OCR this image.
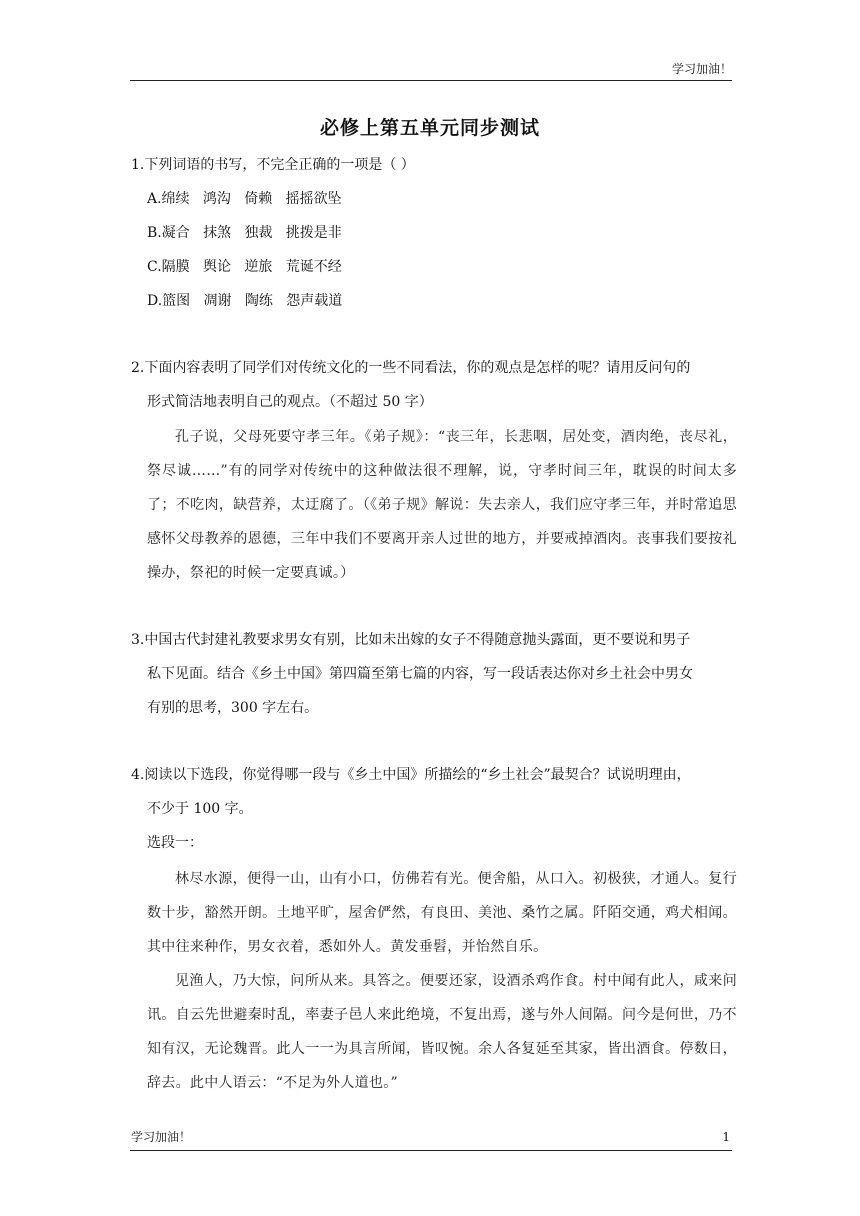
学习加油！
必修上第五单元同步测试
1.下列词语的书写，不完全正确的一项是（ ）
A.绵续   鸿沟   倚赖   摇摇欲坠
B.凝合   抹煞   独裁   挑拨是非
C.隔膜   舆论   逆旅   荒诞不经
D.篮图   凋谢   陶练   怨声载道
2.下面内容表明了同学们对传统文化的一些不同看法，你的观点是怎样的呢？请用反问句的
形式简洁地表明自己的观点。（不超过 50 字）

孔子说，父母死要守孝三年。《弟子规》：“丧三年，长悲咽，居处变，酒肉绝，丧尽礼，祭尽诚……”有的同学对传统中的这种做法很不理解，说，守孝时间三年，耽误的时间太多了；不吃肉，缺营养，太迂腐了。（《弟子规》解说：失去亲人，我们应守孝三年，并时常追思感怀父母教养的恩德，三年中我们不要离开亲人过世的地方，并要戒掉酒肉。丧事我们要按礼操办，祭祀的时候一定要真诚。）

3.中国古代封建礼教要求男女有别，比如未出嫁的女子不得随意抛头露面，更不要说和男子
私下见面。结合《乡土中国》第四篇至第七篇的内容，写一段话表达你对乡土社会中男女
有别的思考，300 字左右。
4.阅读以下选段，你觉得哪一段与《乡土中国》所描绘的“乡土社会”最契合？试说明理由，
不少于 100 字。
选段一：

林尽水源，便得一山，山有小口，仿佛若有光。便舍船，从口入。初极狭，才通人。复行数十步，豁然开朗。土地平旷，屋舍俨然，有良田、美池、桑竹之属。阡陌交通，鸡犬相闻。其中往来种作，男女衣着，悉如外人。黄发垂髫，并怡然自乐。

见渔人，乃大惊，问所从来。具答之。便要还家，设酒杀鸡作食。村中闻有此人，咸来问讯。自云先世避秦时乱，率妻子邑人来此绝境，不复出焉，遂与外人间隔。问今是何世，乃不知有汉，无论魏晋。此人一一为具言所闻，皆叹惋。余人各复延至其家，皆出酒食。停数日，辞去。此中人语云：“不足为外人道也。”

学习加油！	1
